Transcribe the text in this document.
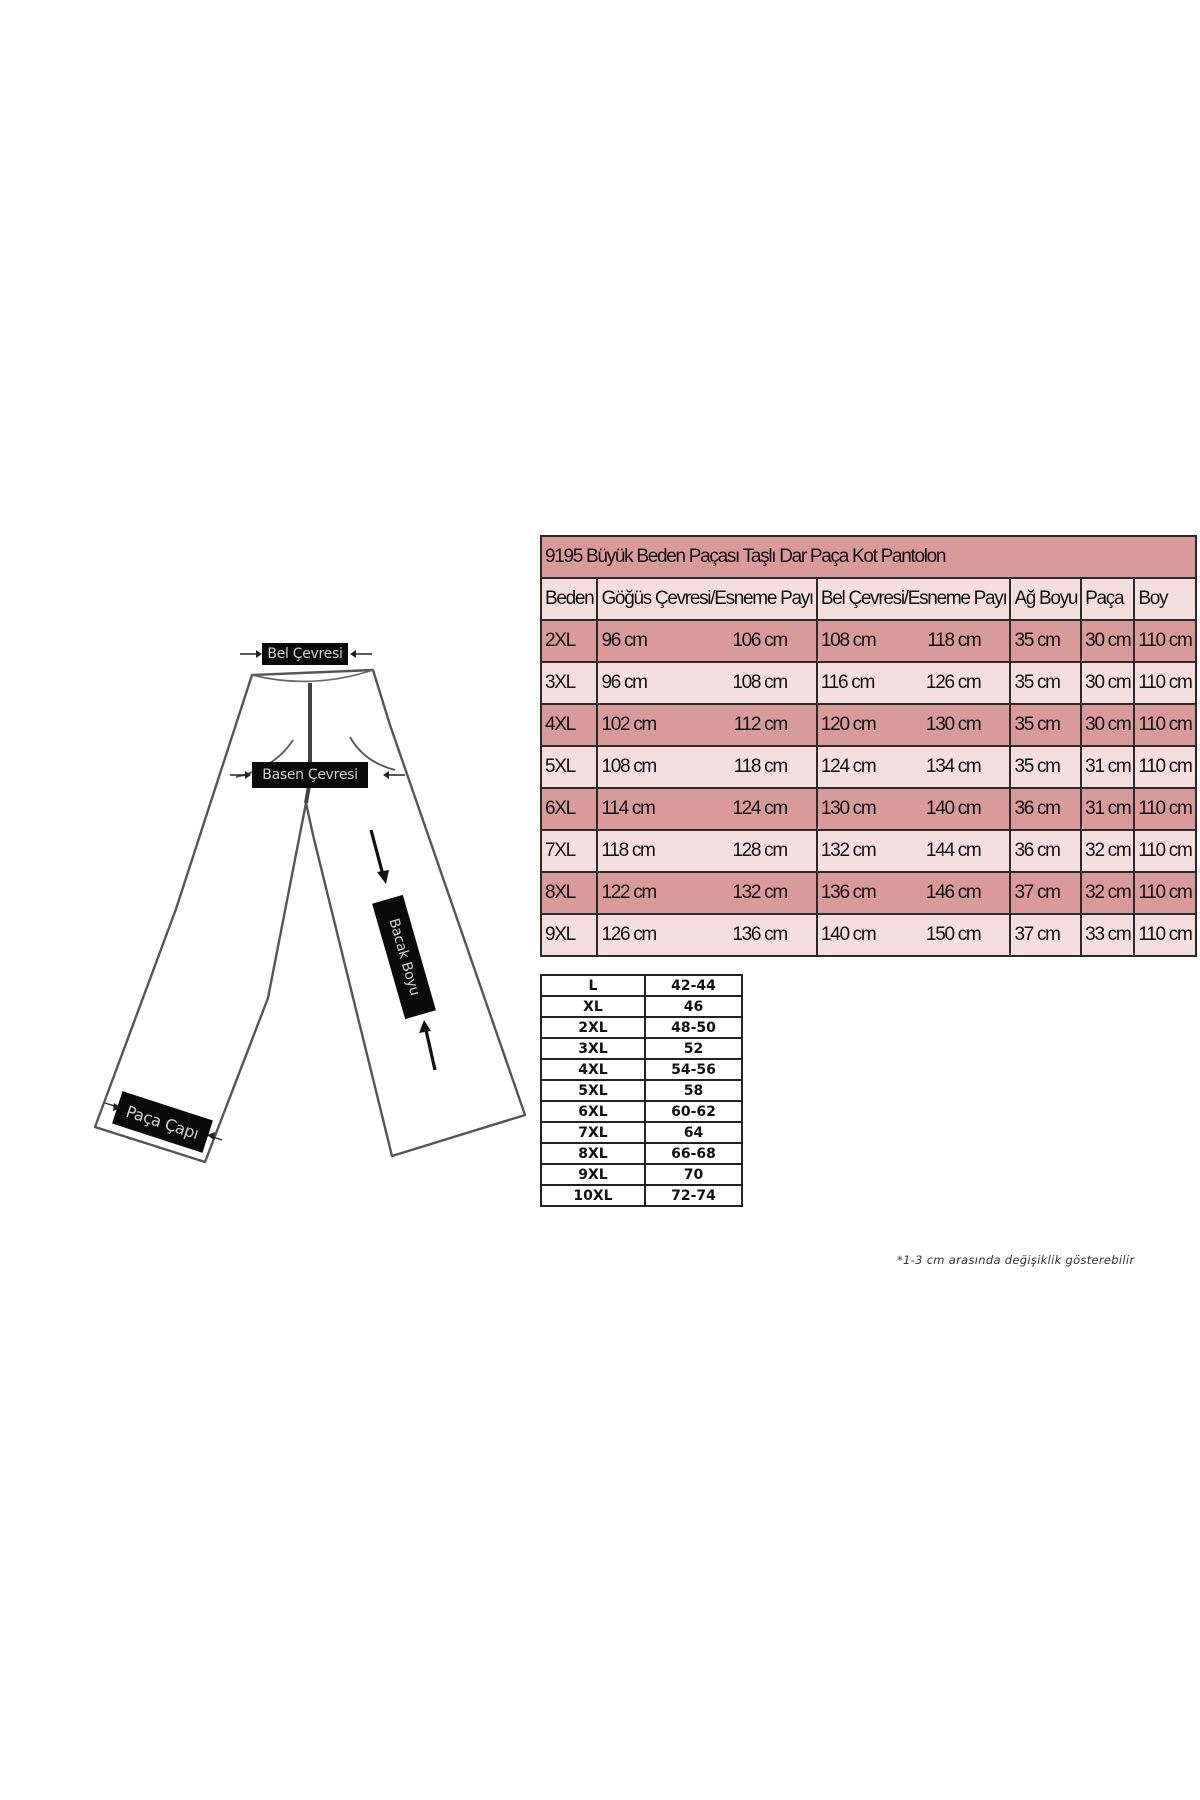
Bel Çevresi
Basen Çevresi
Bacak Boyu
Paça Çapı
9195 Büyük Beden Paçası Taşlı Dar Paça Kot Pantolon					
Beden	Göğüs Çevresi/Esneme Payı	Bel Çevresi/Esneme Payı	Ağ Boyu	Paça	Boy
2XL	96 cm 106 cm	108 cm 118 cm	35 cm	30 cm	110 cm
3XL	96 cm 108 cm	116 cm 126 cm	35 cm	30 cm	110 cm
4XL	102 cm 112 cm	120 cm 130 cm	35 cm	30 cm	110 cm
5XL	108 cm 118 cm	124 cm 134 cm	35 cm	31 cm	110 cm
6XL	114 cm 124 cm	130 cm 140 cm	36 cm	31 cm	110 cm
7XL	118 cm 128 cm	132 cm 144 cm	36 cm	32 cm	110 cm
8XL	122 cm 132 cm	136 cm 146 cm	37 cm	32 cm	110 cm
9XL	126 cm 136 cm	140 cm 150 cm	37 cm	33 cm	110 cm
L	42-44
XL	46
2XL	48-50
3XL	52
4XL	54-56
5XL	58
6XL	60-62
7XL	64
8XL	66-68
9XL	70
10XL	72-74
*1-3 cm arasında değişiklik gösterebilir
